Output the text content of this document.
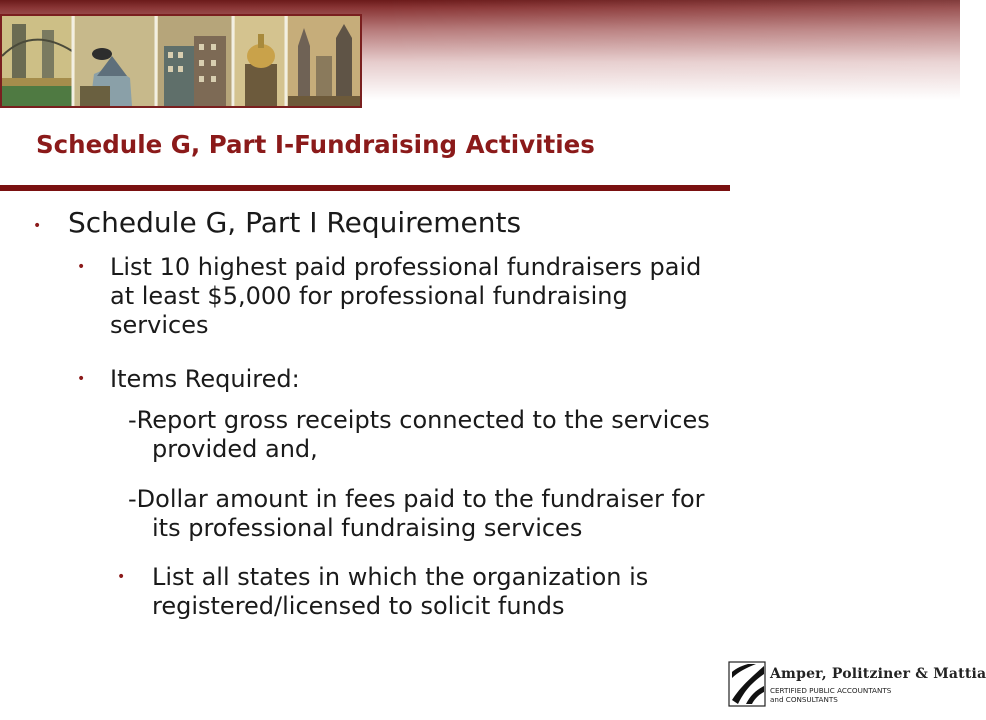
Schedule G, Part I-Fundraising Activities
• Schedule G, Part I Requirements
• List 10 highest paid professional fundraisers paid
at least $5,000 for professional fundraising
services
• Items Required:
-Report gross receipts connected to the services
provided and,
-Dollar amount in fees paid to the fundraiser for
its professional fundraising services
• List all states in which the organization is
registered/licensed to solicit funds
Amper, Politziner & Mattia
CERTIFIED PUBLIC ACCOUNTANTS
and CONSULTANTS
